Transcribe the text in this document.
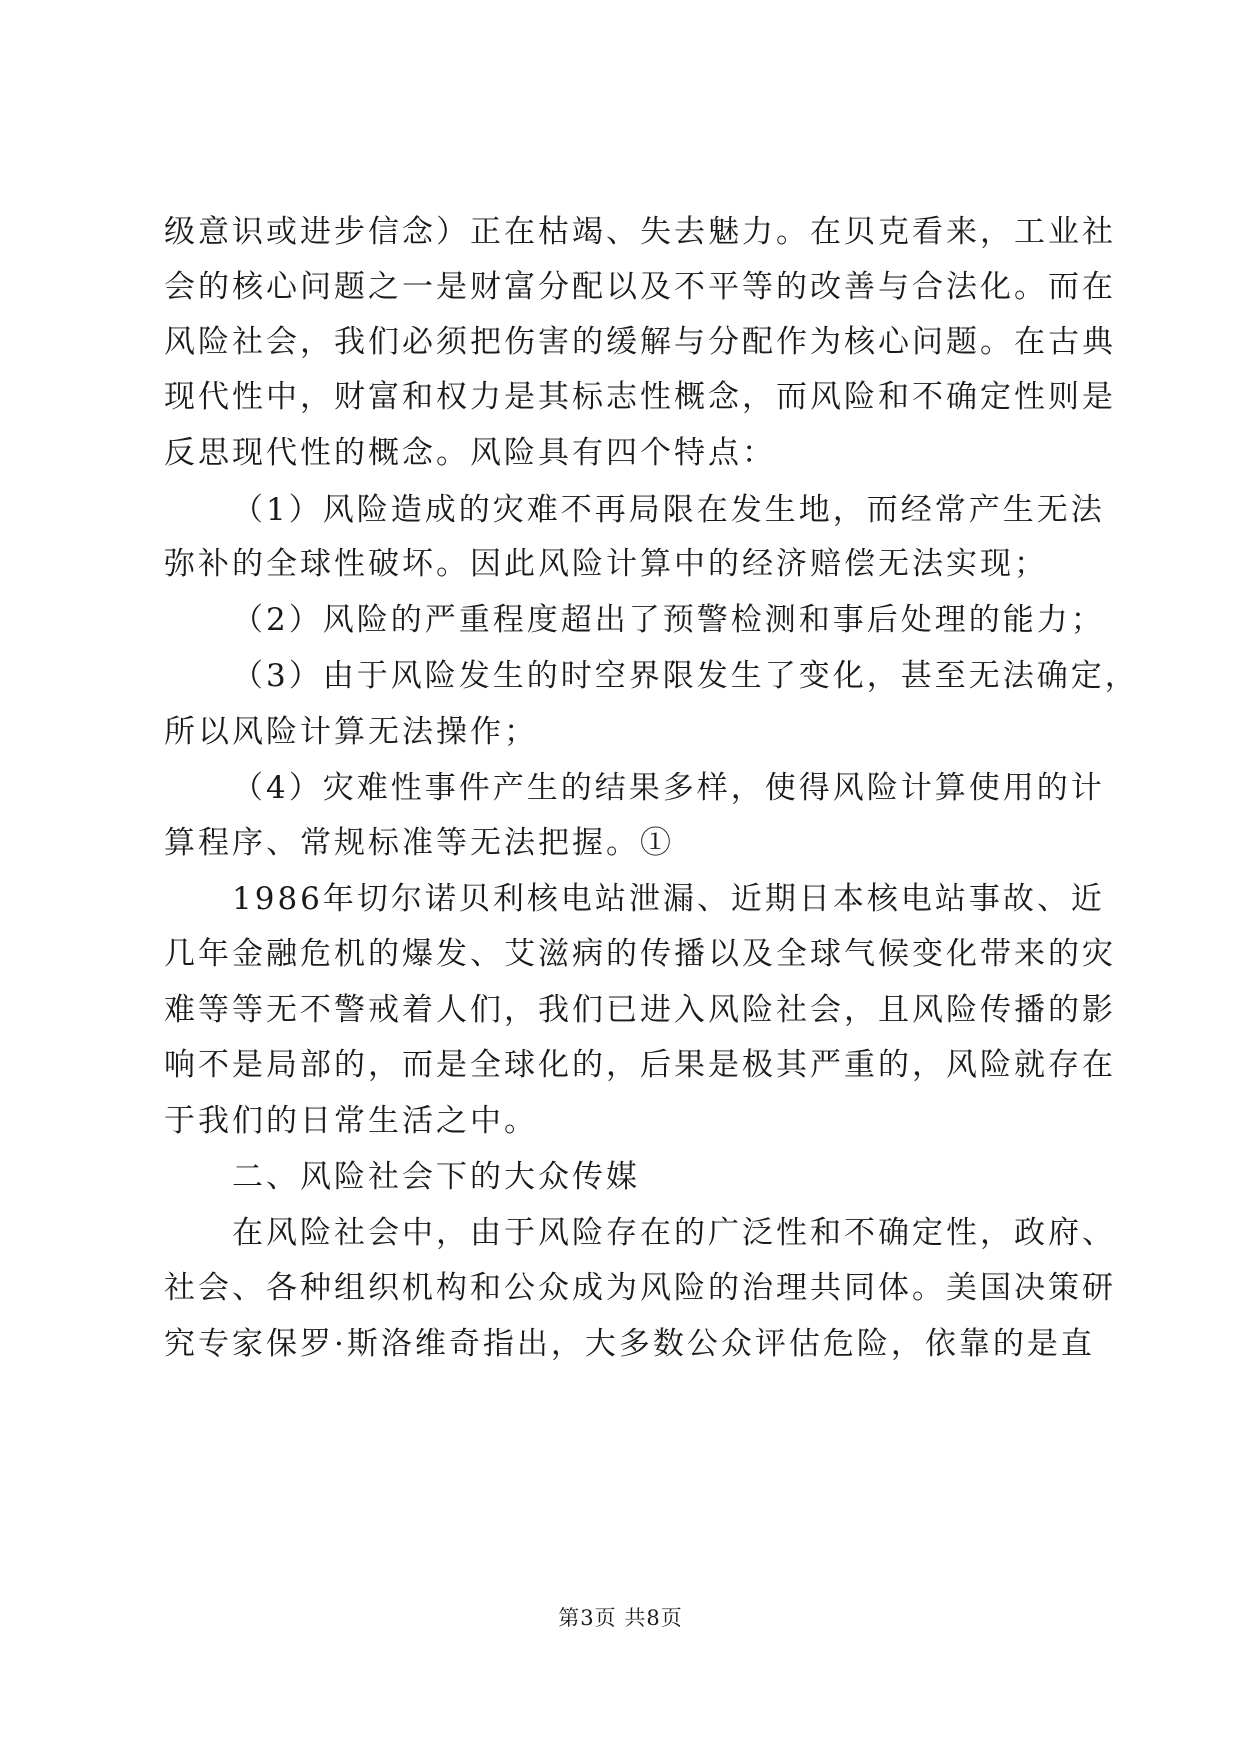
级意识或进步信念）正在枯竭、失去魅力。在贝克看来，工业社
会的核心问题之一是财富分配以及不平等的改善与合法化。而在
风险社会，我们必须把伤害的缓解与分配作为核心问题。在古典
现代性中，财富和权力是其标志性概念，而风险和不确定性则是
反思现代性的概念。风险具有四个特点：
（1）风险造成的灾难不再局限在发生地，而经常产生无法
弥补的全球性破坏。因此风险计算中的经济赔偿无法实现；
（2）风险的严重程度超出了预警检测和事后处理的能力；
（3）由于风险发生的时空界限发生了变化，甚至无法确定，
所以风险计算无法操作；
（4）灾难性事件产生的结果多样，使得风险计算使用的计
算程序、常规标准等无法把握。①
1986年切尔诺贝利核电站泄漏、近期日本核电站事故、近
几年金融危机的爆发、艾滋病的传播以及全球气候变化带来的灾
难等等无不警戒着人们，我们已进入风险社会，且风险传播的影
响不是局部的，而是全球化的，后果是极其严重的，风险就存在
于我们的日常生活之中。
二、风险社会下的大众传媒
在风险社会中，由于风险存在的广泛性和不确定性，政府、
社会、各种组织机构和公众成为风险的治理共同体。美国决策研
究专家保罗·斯洛维奇指出，大多数公众评估危险，依靠的是直
第3页 共8页
